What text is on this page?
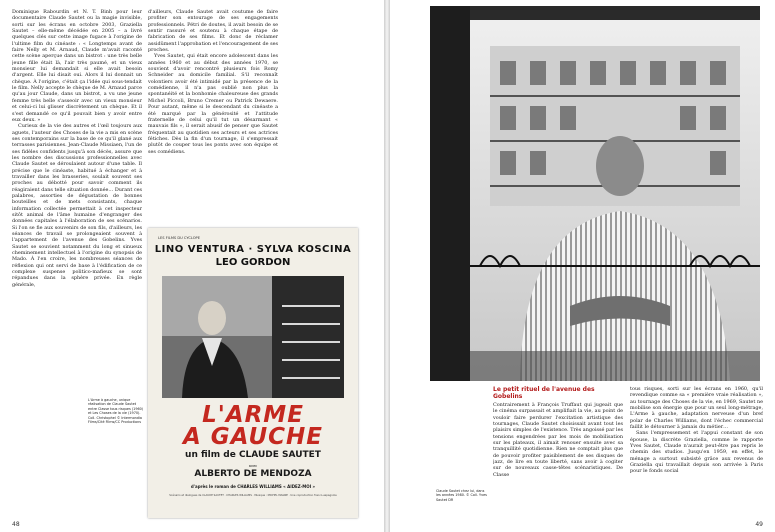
Dominique Rabourdin et N. T. Binh pour leur documentaire Claude Sautet ou la magie invisible, sorti sur les écrans en octobre 2003, Graziella Sautet – elle-même décédée en 2005 – a livré quelques clés sur cette image fugace à l'origine de l'ultime film du cinéaste : « Longtemps avant de faire Nelly et M. Arnaud, Claude m'avait raconté cette scène aperçue dans un bistrot : une très belle jeune fille était là, l'air très paumé, et un vieux monsieur lui demandait si elle avait besoin d'argent. Elle lui disait oui. Alors il lui donnait un chèque. À l'origine, c'était ça l'idée qui sous-tendait le film. Nelly accepte le chèque de M. Arnaud parce qu'au jour Claude, dans un bistrot, a vu une jeune femme très belle s'asseoir avec un vieux monsieur et celui-ci lui glisser discrètement un chèque. Et il s'est demandé ce qu'il pouvait bien y avoir entre eux deux. »

Curieux de la vie des autres et l'œil toujours aux aguets, l'auteur des Choses de la vie a mis en scène ses contemporains sur la base de ce qu'il glané aux terrasses parisiennes. Jean-Claude Missiaen, l'un de ses fidèles confidents jusqu'à son décès, assure que les nombre des discussions professionnelles avec Claude Sautet se déroulaient autour d'une table. Il précise que le cinéaste, habitué à échanger et à travailler dans les brasseries, soulait souvent ses proches au débotté pour savoir comment ils réagiraient dans telle situation donnée… Durant ces palabres, assorties de dégustation de bonnes bouteilles et de mets consistants, chaque information collectée permettait à cet inspecteur sitôt animal de l'âme humaine d'engranger des données capitales à l'élaboration de ses scénarios. Si l'on se fie aux souvenirs de son fils, d'ailleurs, les séances de travail se prolongeaient souvent à l'appartement de l'avenue des Gobelins. Yves Sautet se souvient notamment du long et sinueux cheminement intellectuel à l'origine du synopsis de Mado. À l'en croire, les nombreuses séances de réflexion qui ont servi de base à l'édification de ce complexe suspense politico-mafieux se sont répandues dans la sphère privée. En règle générale,

d'ailleurs, Claude Sautet avait coutume de faire profiter son entourage de ses engagements professionnels. Pétri de doutes, il avait besoin de se sentir rassuré et soutenu à chaque étape de fabrication de ses films. Et donc de réclamer assidûment l'approbation et l'encouragement de ses proches.

Yves Sautet, qui était encore adolescent dans les années 1960 et au début des années 1970, se souvient d'avoir rencontré plusieurs fois Romy Schneider au domicile familial. S'il reconnaît volontiers avoir été intimidé par la présence de la comédienne, il n'a pas oublié non plus la spontanéité et la bonhomie chaleureuse des grands Michel Piccoli, Bruno Cremer ou Patrick Dewaere. Pour autant, même si le descendant du cinéaste a été marqué par la générosité et l'attitude fraternelle de celui qu'il tut un désarmant « mauvais fils », il serait abusif de penser que Sautet fréquentait au quotidien ses acteurs et ses actrices fétiches. Dès la fin d'un tournage, il s'empressait plutôt de couper tous les ponts avec son équipe et ses comédiens.

L'Arme à gauche, unique réalisation de Claude Sautet entre Classe tous risques (1960) et Les Choses de la vie (1970). Coll. Christophel © Intermondia Films/Cité Films/CC Productions
LES FILMS DU CYCLOPE
LINO VENTURA · SYLVA KOSCINA
LEO GORDON
L'ARME
A GAUCHE
un film de CLAUDE SAUTET
avec
ALBERTO DE MENDOZA
d'après le roman de CHARLES WILLIAMS « AIDEZ-MOI »
Scénario et dialogues de CLAUDE SAUTET · CHARLES WILLIAMS · Musique : MICHEL MAGNE · Une coproduction franco-espagnole
48
Claude Sautet chez lui, dans les années 1980. © Coll. Yves Sautet DR
Le petit rituel de l'avenue des Gobelins

Contrairement à François Truffaut qui jugeait que le cinéma surpassait et amplifiait la vie, au point de vouloir faire perdurer l'excitation artistique des tournages, Claude Sautet choisissait avant tout les plaisirs simples de l'existence. Très angoissé par les tensions engendrées par les mois de mobilisation sur les plateaux, il aimait renouer ensuite avec sa tranquillité quotidienne. Rien ne comptait plus que de pouvoir profiter paisiblement de ses disques de jazz, de lire en toute liberté, sans avoir à cogiter sur de nouveaux casse-têtes scénaristiques. De Classe

tous risques, sorti sur les écrans en 1960, qu'il revendique comme sa « première vraie réalisation », au tournage des Choses de la vie, en 1969, Sautet ne mobilise son énergie que pour un seul long-métrage, L'Arme à gauche, adaptation nerveuse d'un bref polar de Charles Williams, dont l'échec commercial faillit le détourner à jamais du métier…

Sans l'empressement et l'appui constant de son épouse, la discrète Graziella, comme le rapporte Yves Sautet, Claude n'aurait peut-être pas repris le chemin des studios. Jusqu'en 1959, en effet, le ménage a surtout subsisté grâce aux revenus de Graziella qui travaillait depuis son arrivée à Paris pour le fonds social

49
